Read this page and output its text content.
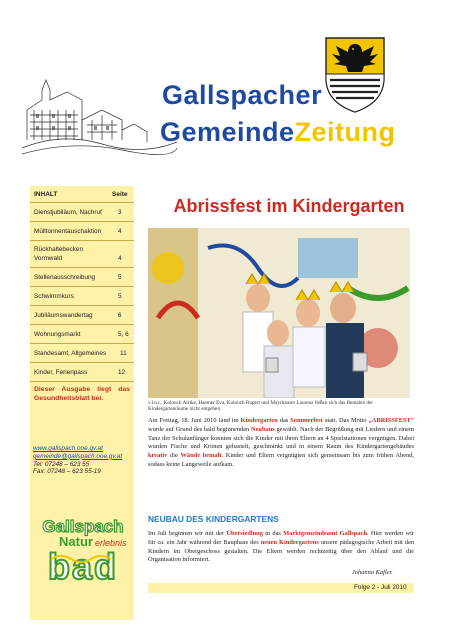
Gallspacher
GemeindeZeitung
INHALT	Seite
Dienstjubiläum, Nachruf	3
Mülltonnentauschaktion	4
Rückhaltebecken
Vormwald	4
Stellenausschreibung	5
Schwimmkurs	5
Jubiläumswandertag	6
Wohnungsmarkt	5, 6
Standesamt, Allgemeines 11
Kinder, Ferienpass	12
Dieser Ausgabe liegt das Gesundheitsblatt bei.
www.gallspach.ooe.gv.at
gemeinde@gallspach.ooe.gv.at
Tel: 07248 – 623 55
Fax: 07248 – 623 55-19
Gallspach
Natur erlebnis
bad
Abrissfest im Kindergarten
v.l.n.r.: Kolouch Alrike, Haemer Eva, Kolouch Rupert und Mayrhauser Laurenz ließen sich das Bemalen der Kindergartenräume nicht entgehen.
Am Freitag, 18. Juni 2010 fand im Kindergarten das Sommerfest statt. Das Motto „ABRISSFEST“ wurde auf Grund des bald beginnenden Neubaus gewählt. Nach der Begrüßung mit Liedern und einem Tanz der Schulanfänger konnten sich die Kinder mit ihren Eltern an 4 Spielstationen vergnügen. Dabei wurden Fische und Kronen gebastelt, geschminkt und in einem Raum des Kindergartengebäudes kreativ die Wände bemalt. Kinder und Eltern vergnügten sich gemeinsam bis zum frühen Abend, sodass keine Langeweile aufkam.
NEUBAU DES KINDERGARTENS
Im Juli beginnen wir mit der Übersiedlung in das Marktgemeindeamt Gallspach. Hier werden wir für ca. ein Jahr während der Bauphase des neuen Kindergartens unsere pädagogische Arbeit mit den Kindern im Obergeschoss gestalten. Die Eltern werden rechtzeitig über den Ablauf und die Organisation informiert.
Johanna Kafler.
Folge 2 - Juli 2010
